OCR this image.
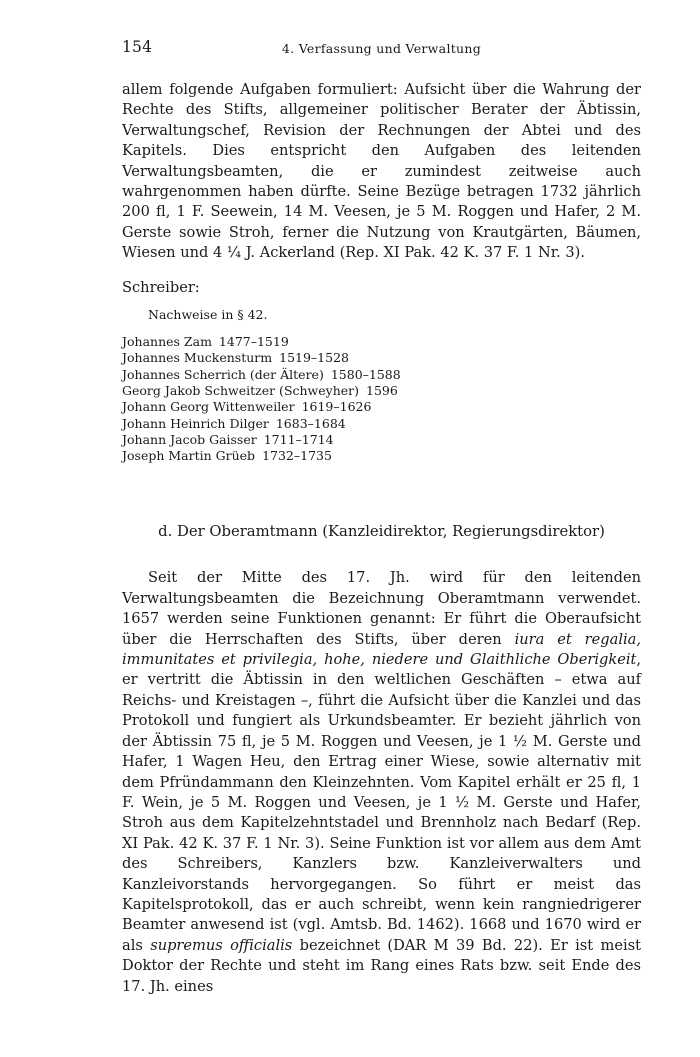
154	4. Verfassung und Verwaltung

allem folgende Aufgaben formuliert: Aufsicht über die Wahrung der Rechte des Stifts, allgemeiner politischer Berater der Äbtissin, Verwaltungschef, Revision der Rechnungen der Abtei und des Kapitels. Dies entspricht den Aufgaben des leitenden Verwaltungsbeamten, die er zumindest zeitweise auch wahrgenommen haben dürfte. Seine Bezüge betragen 1732 jährlich 200 fl, 1 F. Seewein, 14 M. Veesen, je 5 M. Roggen und Hafer, 2 M. Gerste sowie Stroh, ferner die Nutzung von Krautgärten, Bäumen, Wiesen und 4 ¼ J. Ackerland (Rep. XI Pak. 42 K. 37 F. 1 Nr. 3).

Schreiber:
Nachweise in § 42.
Johannes Zam 1477–1519
Johannes Muckensturm 1519–1528
Johannes Scherrich (der Ältere) 1580–1588
Georg Jakob Schweitzer (Schweyher) 1596
Johann Georg Wittenweiler 1619–1626
Johann Heinrich Dilger 1683–1684
Johann Jacob Gaisser 1711–1714
Joseph Martin Grüeb 1732–1735
d. Der Oberamtmann (Kanzleidirektor, Regierungsdirektor)

Seit der Mitte des 17. Jh. wird für den leitenden Verwaltungsbeamten die Bezeichnung Oberamtmann verwendet. 1657 werden seine Funktionen genannt: Er führt die Oberaufsicht über die Herrschaften des Stifts, über deren iura et regalia, immunitates et privilegia, hohe, niedere und Glaithliche Oberigkeit, er vertritt die Äbtissin in den weltlichen Geschäften – etwa auf Reichs- und Kreistagen –, führt die Aufsicht über die Kanzlei und das Protokoll und fungiert als Urkundsbeamter. Er bezieht jährlich von der Äbtissin 75 fl, je 5 M. Roggen und Veesen, je 1 ½ M. Gerste und Hafer, 1 Wagen Heu, den Ertrag einer Wiese, sowie alternativ mit dem Pfründammann den Kleinzehnten. Vom Kapitel erhält er 25 fl, 1 F. Wein, je 5 M. Roggen und Veesen, je 1 ½ M. Gerste und Hafer, Stroh aus dem Kapitelzehntstadel und Brennholz nach Bedarf (Rep. XI Pak. 42 K. 37 F. 1 Nr. 3). Seine Funktion ist vor allem aus dem Amt des Schreibers, Kanzlers bzw. Kanzleiverwalters und Kanzleivorstands hervorgegangen. So führt er meist das Kapitelsprotokoll, das er auch schreibt, wenn kein rangniedrigerer Beamter anwesend ist (vgl. Amtsb. Bd. 1462). 1668 und 1670 wird er als supremus officialis bezeichnet (DAR M 39 Bd. 22). Er ist meist Doktor der Rechte und steht im Rang eines Rats bzw. seit Ende des 17. Jh. eines
